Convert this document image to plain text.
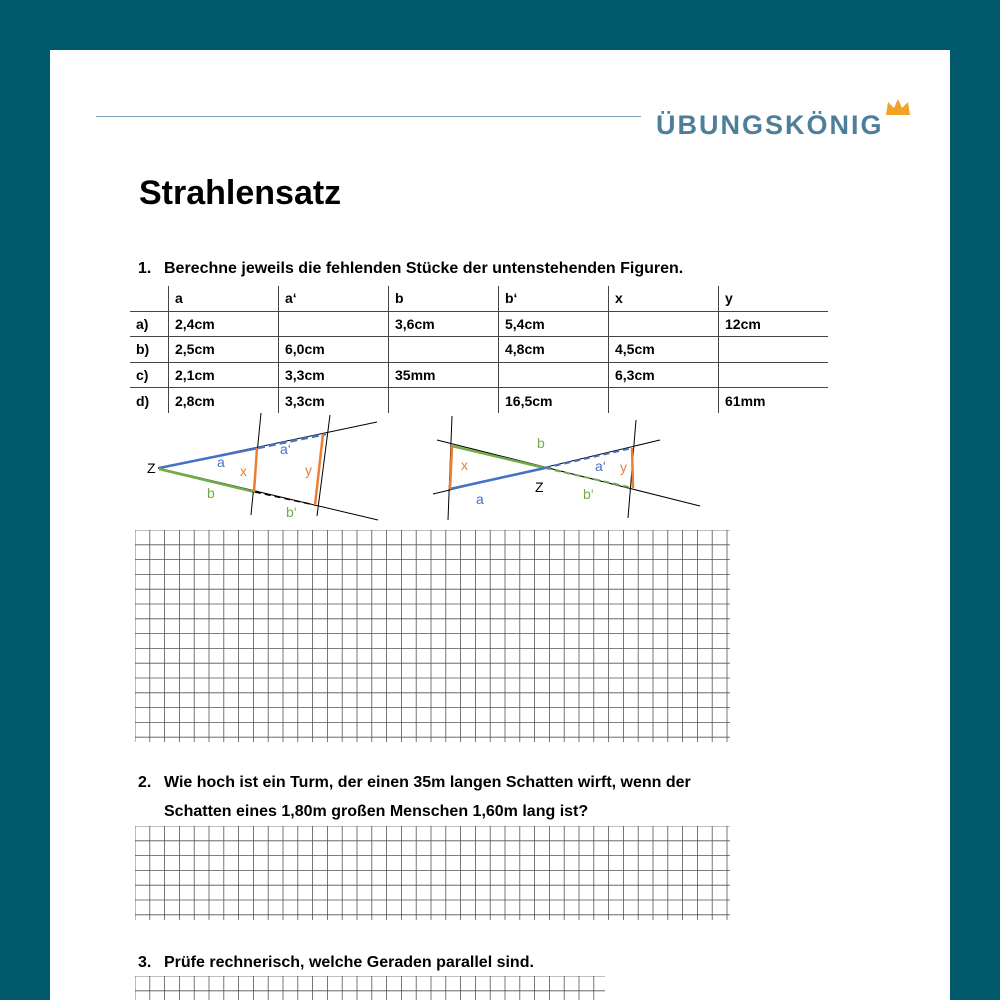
ÜBUNGSKÖNIG
Strahlensatz
1. Berechne jeweils die fehlenden Stücke der untenstehenden Figuren.
	a	a‘	b	b‘	x	y
a)	2,4cm		3,6cm	5,4cm		12cm
b)	2,5cm	6,0cm		4,8cm	4,5cm	
c)	2,1cm	3,3cm	35mm		6,3cm	
d)	2,8cm	3,3cm		16,5cm		61mm
Z	a
a‘
x	y
b
b‘
b
x	a‘ y
Z	b‘
a
2. Wie hoch ist ein Turm, der einen 35m langen Schatten wirft, wenn der
Schatten eines 1,80m großen Menschen 1,60m lang ist?
3. Prüfe rechnerisch, welche Geraden parallel sind.
